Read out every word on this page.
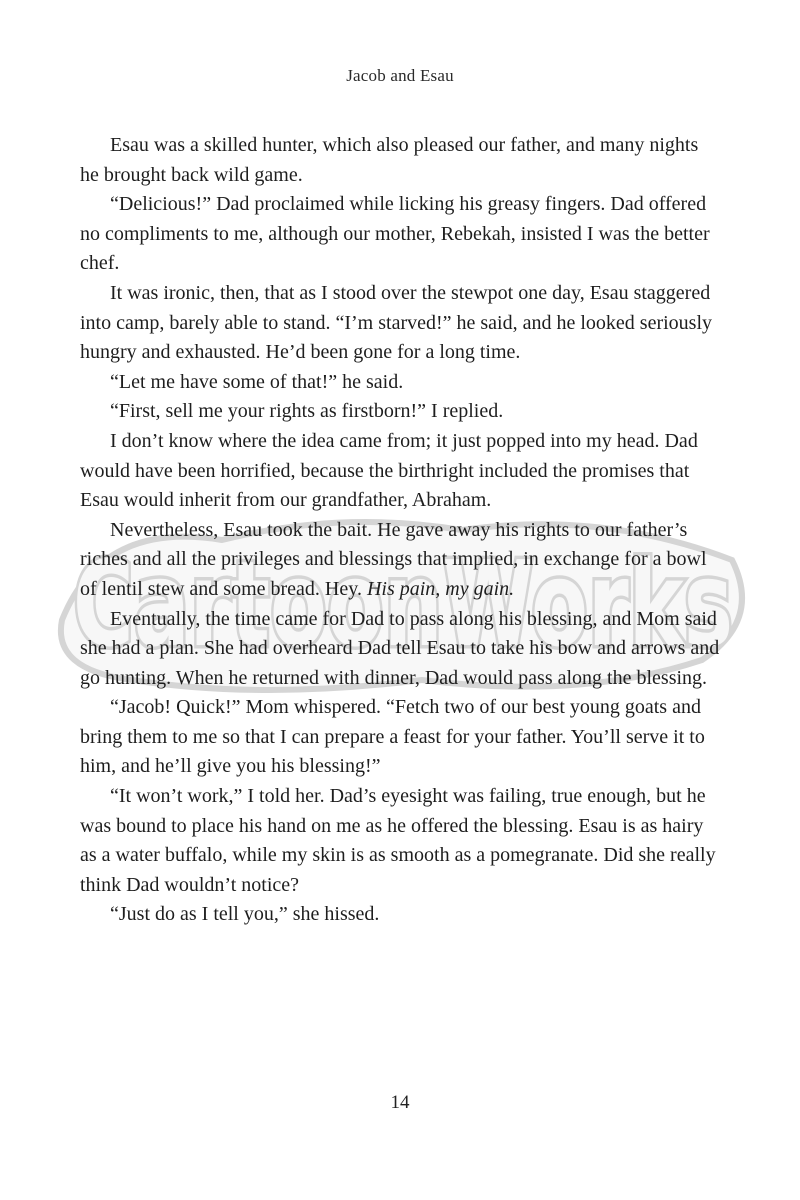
Jacob and Esau
CartoonWorks

Esau was a skilled hunter, which also pleased our father, and many nights he brought back wild game.

“Delicious!” Dad proclaimed while licking his greasy fingers. Dad offered no compliments to me, although our mother, Rebekah, insisted I was the better chef.

It was ironic, then, that as I stood over the stewpot one day, Esau staggered into camp, barely able to stand. “I’m starved!” he said, and he looked seriously hungry and exhausted. He’d been gone for a long time.

“Let me have some of that!” he said.

“First, sell me your rights as firstborn!” I replied.

I don’t know where the idea came from; it just popped into my head. Dad would have been horrified, because the birthright included the promises that Esau would inherit from our grandfather, Abraham.

Nevertheless, Esau took the bait. He gave away his rights to our father’s riches and all the privileges and blessings that implied, in exchange for a bowl of lentil stew and some bread. Hey. His pain, my gain.

Eventually, the time came for Dad to pass along his blessing, and Mom said she had a plan. She had overheard Dad tell Esau to take his bow and arrows and go hunting. When he returned with dinner, Dad would pass along the blessing.

“Jacob! Quick!” Mom whispered. “Fetch two of our best young goats and bring them to me so that I can prepare a feast for your father. You’ll serve it to him, and he’ll give you his blessing!”

“It won’t work,” I told her. Dad’s eyesight was failing, true enough, but he was bound to place his hand on me as he offered the blessing. Esau is as hairy as a water buffalo, while my skin is as smooth as a pomegranate. Did she really think Dad wouldn’t notice?

“Just do as I tell you,” she hissed.

14
